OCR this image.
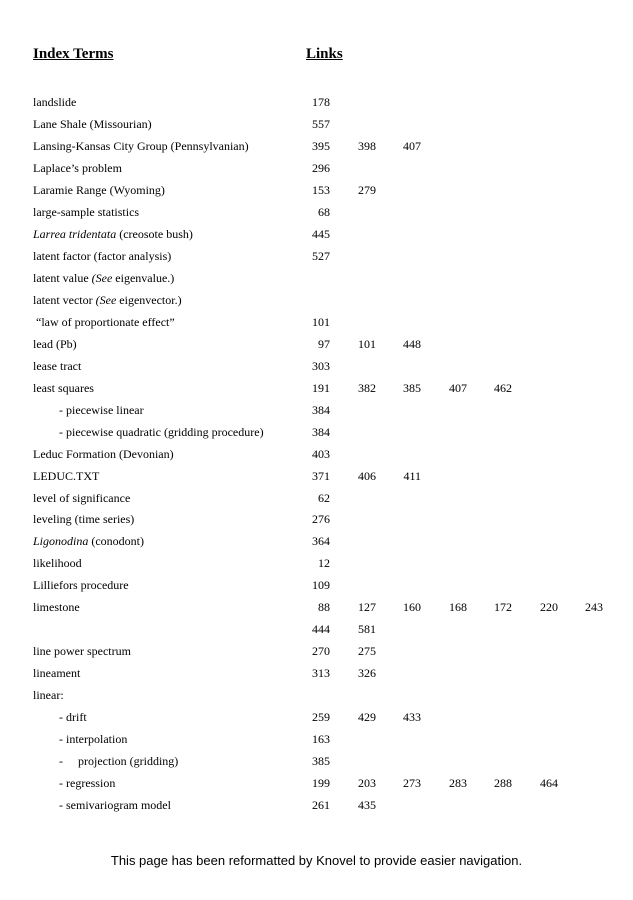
Index Terms	Links
landslide	178
Lane Shale (Missourian)	557
Lansing-Kansas City Group (Pennsylvanian)	395	398	407
Laplace’s problem	296
Laramie Range (Wyoming)	153	279
large-sample statistics	68
Larrea tridentata (creosote bush)	445
latent factor (factor analysis)	527
latent value (See eigenvalue.)
latent vector (See eigenvector.)
“law of proportionate effect”	101
lead (Pb)	97	101	448
lease tract	303
least squares	191	382	385	407	462
- piecewise linear	384
- piecewise quadratic (gridding procedure)	384
Leduc Formation (Devonian)	403
LEDUC.TXT	371	406	411
level of significance	62
leveling (time series)	276
Ligonodina (conodont)	364
likelihood	12
Lilliefors procedure	109
limestone	88	127	160	168	172	220	243
444	581
line power spectrum	270	275
lineament	313	326
linear:
- drift	259	429	433
- interpolation	163
-     projection (gridding)	385
- regression	199	203	273	283	288	464
- semivariogram model	261	435
This page has been reformatted by Knovel to provide easier navigation.
